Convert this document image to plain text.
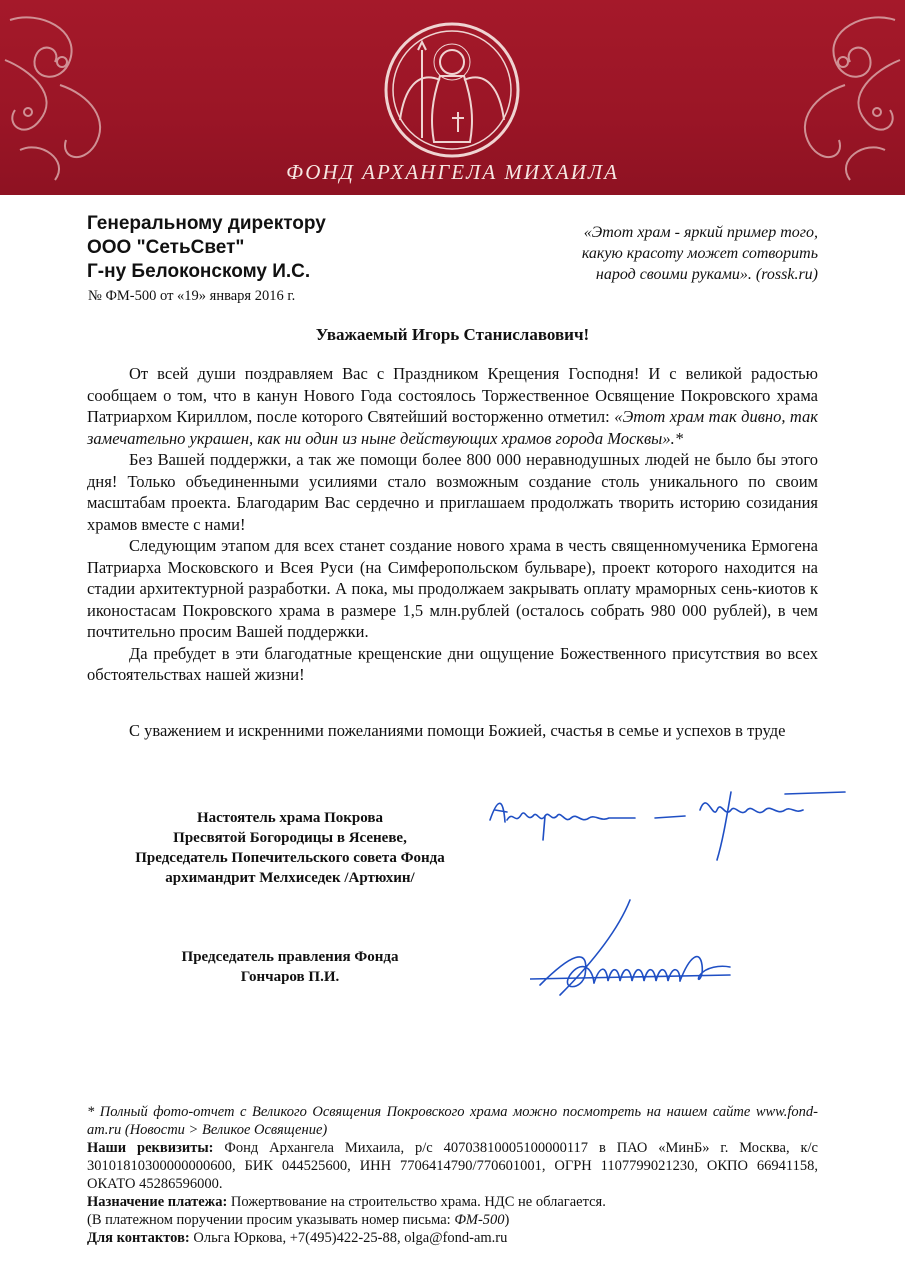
ФОНД АРХАНГЕЛА МИХАИЛА
Генеральному директору
ООО "СетьСвет"
Г-ну Белоконскому И.С.
№ ФМ-500 от «19» января 2016 г.
«Этот храм - яркий пример того,
какую красоту может сотворить
народ своими руками». (rossk.ru)
Уважаемый Игорь Станиславович!

От всей души поздравляем Вас с Праздником Крещения Господня! И с великой радостью сообщаем о том, что в канун Нового Года состоялось Торжественное Освящение Покровского храма Патриархом Кириллом, после которого Святейший восторженно отметил: «Этот храм так дивно, так замечательно украшен, как ни один из ныне действующих храмов города Москвы».*

Без Вашей поддержки, а так же помощи более 800 000 неравнодушных людей не было бы этого дня! Только объединенными усилиями стало возможным создание столь уникального по своим масштабам проекта. Благодарим Вас сердечно и приглашаем продолжать творить историю созидания храмов вместе с нами!

Следующим этапом для всех станет создание нового храма в честь священномученика Ермогена Патриарха Московского и Всея Руси (на Симферопольском бульваре), проект которого находится на стадии архитектурной разработки. А пока, мы продолжаем закрывать оплату мраморных сень-киотов к иконостасам Покровского храма в размере 1,5 млн.рублей (осталось собрать 980 000 рублей), в чем почтительно просим Вашей поддержки.

Да пребудет в эти благодатные крещенские дни ощущение Божественного присутствия во всех обстоятельствах нашей жизни!

С уважением и искренними пожеланиями помощи Божией, счастья в семье и успехов в труде
Настоятель храма Покрова
Пресвятой Богородицы в Ясеневе,
Председатель Попечительского совета Фонда
архимандрит Мелхиседек /Артюхин/
Председатель правления Фонда
Гончаров П.И.
* Полный фото-отчет с Великого Освящения Покровского храма можно посмотреть на нашем сайте www.fond-am.ru (Новости > Великое Освящение)
Наши реквизиты: Фонд Архангела Михаила, р/с 40703810005100000117 в ПАО «МинБ» г. Москва, к/с 30101810300000000600, БИК 044525600, ИНН 7706414790/770601001, ОГРН 1107799021230, ОКПО 66941158, ОКАТО 45286596000.
Назначение платежа: Пожертвование на строительство храма. НДС не облагается.
(В платежном поручении просим указывать номер письма: ФМ-500)
Для контактов: Ольга Юркова, +7(495)422-25-88, olga@fond-am.ru
